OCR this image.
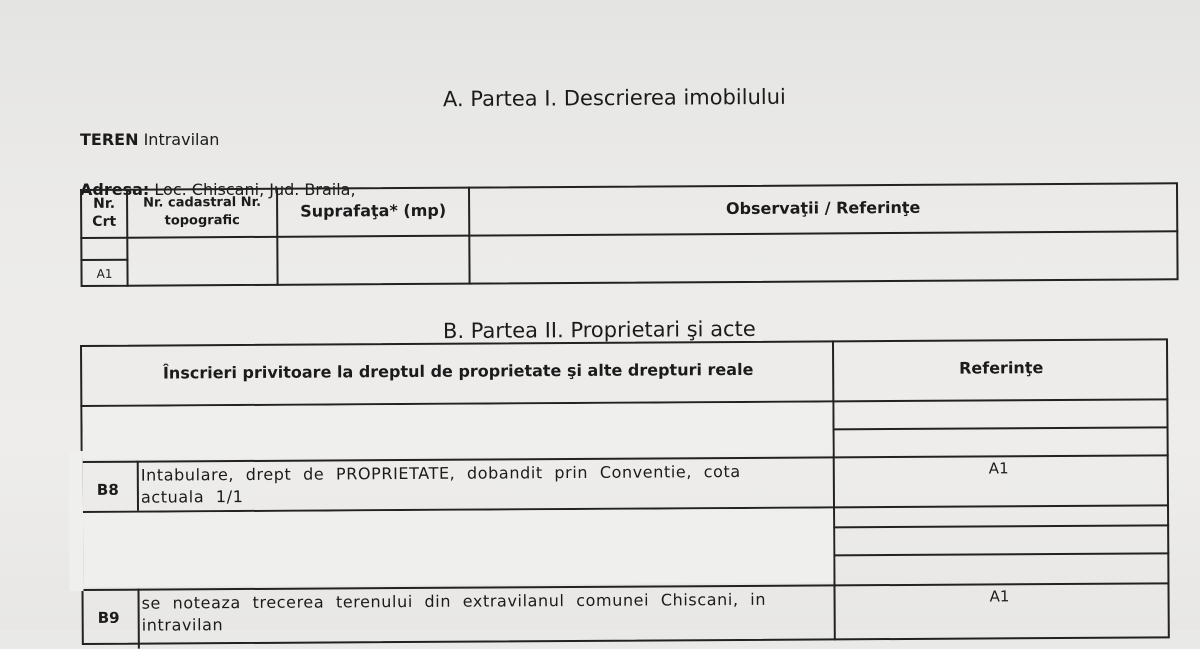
A. Partea I. Descrierea imobilului
TEREN Intravilan
Adresa: Loc. Chiscani, Jud. Braila,
Nr.
Crt
Nr. cadastral Nr.
topografic
Suprafaţa* (mp)	Observaţii / Referinţe
A1
B. Partea II. Proprietari şi acte
Înscrieri privitoare la dreptul de proprietate şi alte drepturi reale	Referinţe
B8
Intabulare, drept de PROPRIETATE, dobandit prin Conventie, cota
actuala 1/1
A1
B9
se noteaza trecerea terenului din extravilanul comunei Chiscani, in
intravilan
A1
